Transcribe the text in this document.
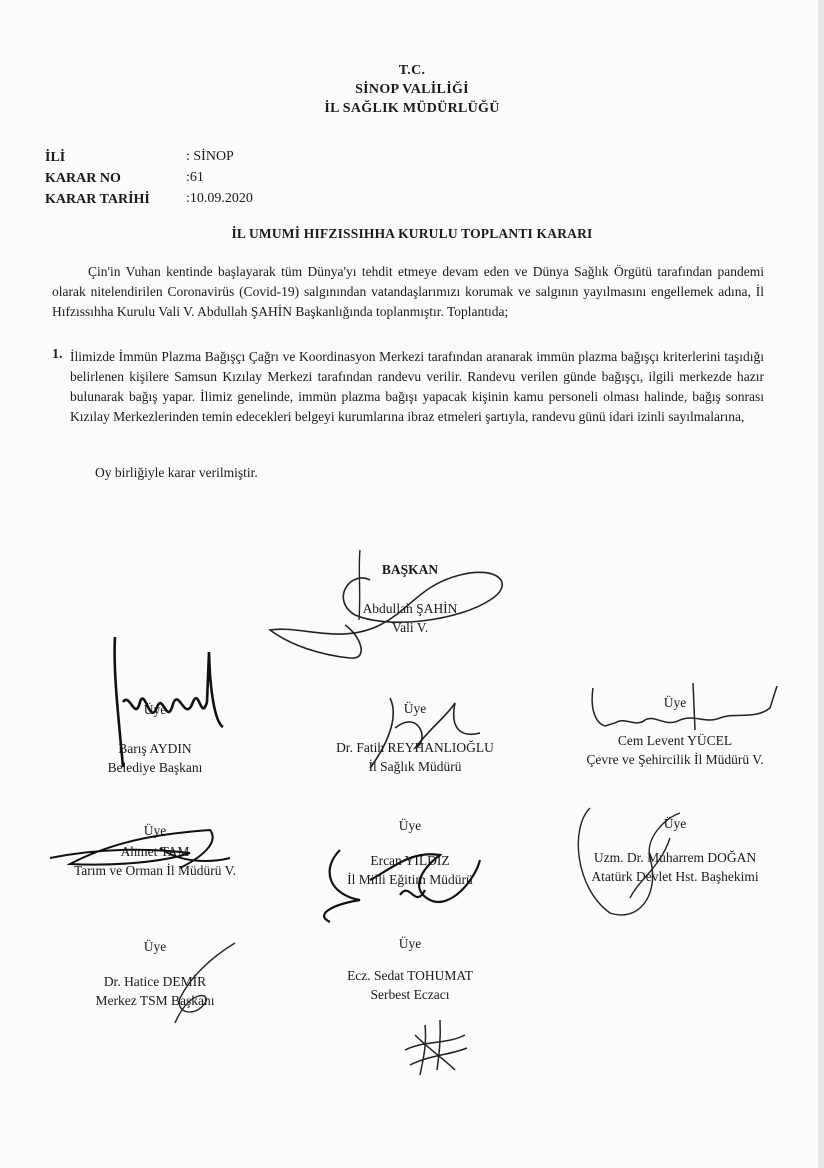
T.C.
SİNOP VALİLİĞİ
İL SAĞLIK MÜDÜRLÜĞÜ
İLİ	: SİNOP
KARAR NO	:61
KARAR TARİHİ	:10.09.2020
İL UMUMİ HIFZISSIHHA KURULU TOPLANTI KARARI
Çin'in Vuhan kentinde başlayarak tüm Dünya'yı tehdit etmeye devam eden ve Dünya Sağlık Örgütü tarafından pandemi olarak nitelendirilen Coronavirüs (Covid-19) salgınından vatandaşlarımızı korumak ve salgının yayılmasını engellemek adına, İl Hıfzıssıhha Kurulu Vali V. Abdullah ŞAHİN Başkanlığında toplanmıştır. Toplantıda;
1. İlimizde İmmün Plazma Bağışçı Çağrı ve Koordinasyon Merkezi tarafından aranarak immün plazma bağışçı kriterlerini taşıdığı belirlenen kişilere Samsun Kızılay Merkezi tarafından randevu verilir. Randevu verilen günde bağışçı, ilgili merkezde hazır bulunarak bağış yapar. İlimiz genelinde, immün plazma bağışı yapacak kişinin kamu personeli olması halinde, bağış sonrası Kızılay Merkezlerinden temin edecekleri belgeyi kurumlarına ibraz etmeleri şartıyla, randevu günü idari izinli sayılmalarına,
Oy birliğiyle karar verilmiştir.
BAŞKAN
Abdullah ŞAHİN
Vali V.
Üye
Barış AYDIN
Belediye Başkanı
Üye
Dr. Fatih REYHANLIOĞLU
İl Sağlık Müdürü
Üye
Cem Levent YÜCEL
Çevre ve Şehircilik İl Müdürü V.
Üye
Ahmet TAM
Tarım ve Orman İl Müdürü V.
Üye
Ercan YILDIZ
İl Milli Eğitim Müdürü
Üye
Uzm. Dr. Muharrem DOĞAN
Atatürk Devlet Hst. Başhekimi
Üye
Dr. Hatice DEMİR
Merkez TSM Başkanı
Üye
Ecz. Sedat TOHUMAT
Serbest Eczacı
